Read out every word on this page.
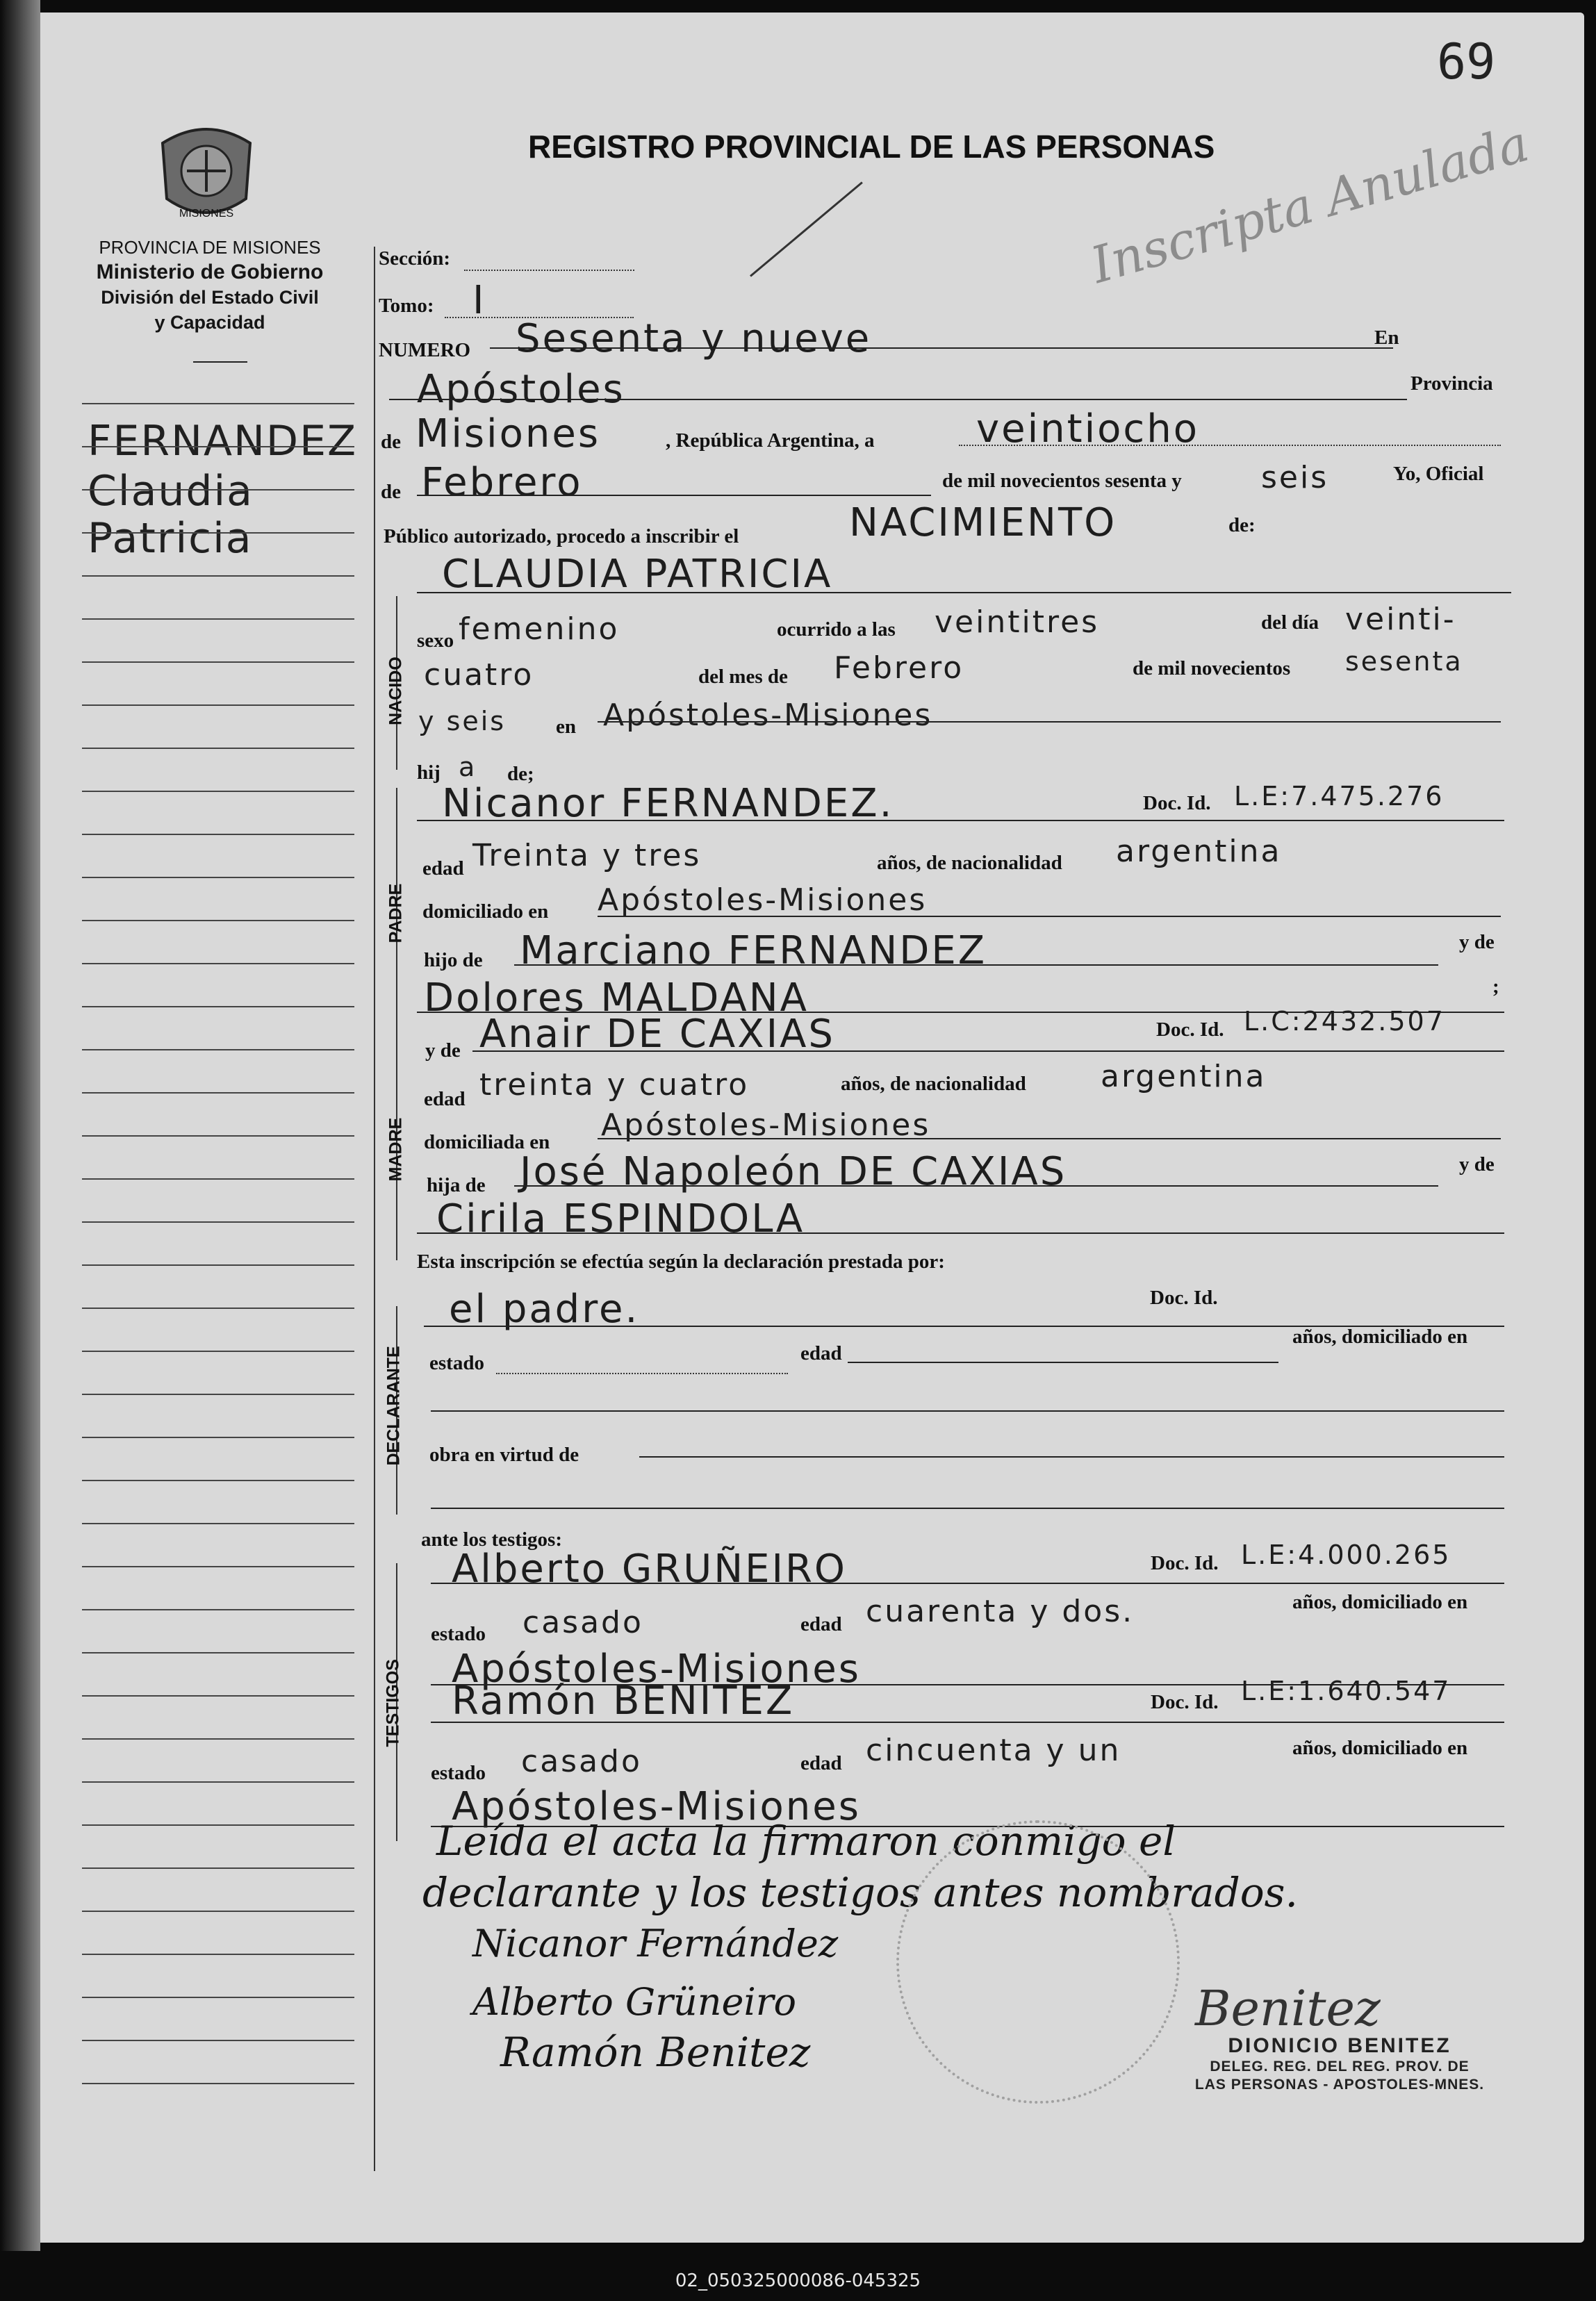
69
MISIONES
PROVINCIA DE MISIONES
Ministerio de Gobierno
División del Estado Civil
y Capacidad
REGISTRO PROVINCIAL DE LAS PERSONAS
Inscripta Anulada
FERNANDEZ
Claudia
Patricia
Sección:
Tomo: I
NUMERO Sesenta y nueve	En
Apóstoles	Provincia
de Misiones	, República Argentina, a	veintiocho
de Febrero	de mil novecientos sesenta y	seis	Yo, Oficial
Público autorizado, procedo a inscribir el	NACIMIENTO	de:
CLAUDIA PATRICIA
NACIDO
sexo femenino	ocurrido a las veintitres	del día veinti-
cuatro	del mes de Febrero	de mil novecientos sesenta
y seis en Apóstoles-Misiones
hij a de;
PADRE
Nicanor FERNANDEZ.	Doc. Id. L.E:7.475.276
edad Treinta y tres	años, de nacionalidad argentina
domiciliado en Apóstoles-Misiones
hijo de Marciano FERNANDEZ	y de
Dolores MALDANA	;
MADRE
y de Anair DE CAXIAS	Doc. Id. L.C:2432.507
edad treinta y cuatro	años, de nacionalidad argentina
domiciliada en Apóstoles-Misiones
hija de José Napoleón DE CAXIAS	y de
Cirila ESPINDOLA
Esta inscripción se efectúa según la declaración prestada por:
DECLARANTE
el padre.	Doc. Id.
estado	edad
años, domiciliado en
obra en virtud de
ante los testigos:
TESTIGOS
Alberto GRUÑEIRO	Doc. Id. L.E:4.000.265
estado casado	edad cuarenta y dos.	años, domiciliado en
Apóstoles-Misiones
Ramón BENITEZ	Doc. Id. L.E:1.640.547
estado casado	edad cincuenta y un	años, domiciliado en
Apóstoles-Misiones
Leída el acta la firmaron conmigo el
declarante y los testigos antes nombrados.
Nicanor Fernández
Alberto Grüneiro
Ramón Benitez
Benitez
DIONICIO BENITEZ
DELEG. REG. DEL REG. PROV. DE
LAS PERSONAS - APOSTOLES-MNES.
02_050325000086-045325
